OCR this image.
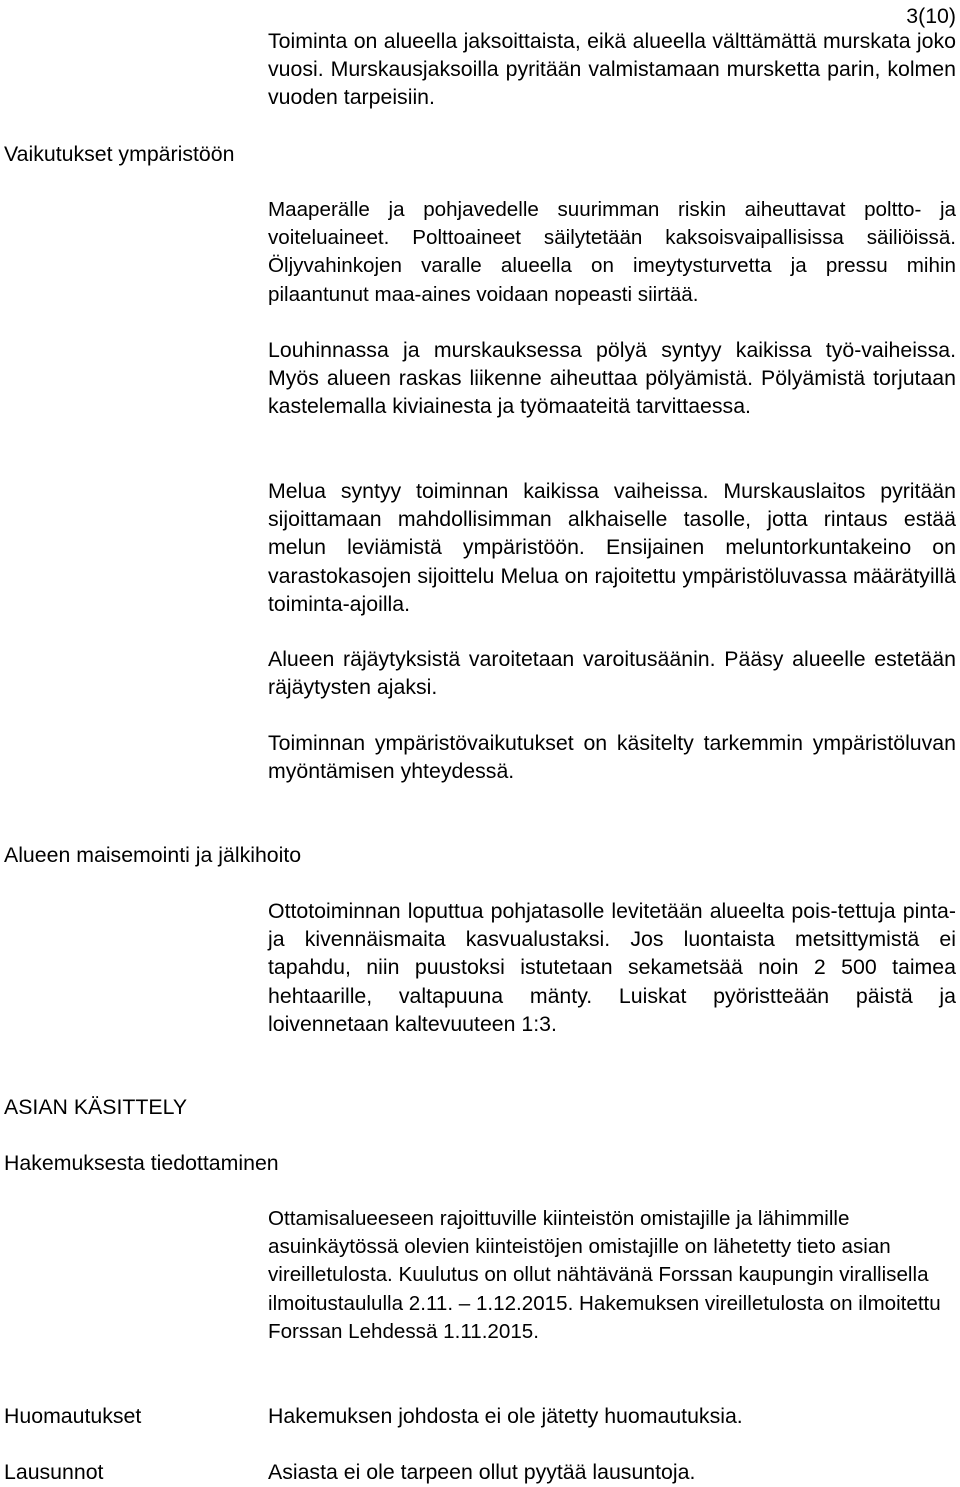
3(10)
Toiminta on alueella jaksoittaista, eikä alueella välttämättä murskata joko vuosi. Murskausjaksoilla pyritään valmistamaan mursketta parin, kolmen vuoden tarpeisiin.
Vaikutukset ympäristöön
Maaperälle ja pohjavedelle suurimman riskin aiheuttavat poltto- ja voiteluaineet. Polttoaineet säilytetään kaksoisvaipallisissa säiliöissä. Öljyvahinkojen varalle alueella on imeytysturvetta ja pressu mihin pilaantunut maa-aines voidaan nopeasti siirtää.
Louhinnassa ja murskauksessa pölyä syntyy kaikissa työ-vaiheissa. Myös alueen raskas liikenne aiheuttaa pölyämistä. Pölyämistä torjutaan kastelemalla kiviainesta ja työmaateitä tarvittaessa.
Melua syntyy toiminnan kaikissa vaiheissa. Murskauslaitos pyritään sijoittamaan mahdollisimman alkhaiselle tasolle, jotta rintaus estää melun leviämistä ympäristöön. Ensijainen meluntorkuntakeino on varastokasojen sijoittelu Melua on rajoitettu ympäristöluvassa määrätyillä toiminta-ajoilla.
Alueen räjäytyksistä varoitetaan varoitusäänin. Pääsy alueelle estetään räjäytysten ajaksi.
Toiminnan ympäristövaikutukset on käsitelty tarkemmin ympäristöluvan myöntämisen yhteydessä.
Alueen maisemointi ja jälkihoito
Ottotoiminnan loputtua pohjatasolle levitetään alueelta pois-tettuja pinta- ja kivennäismaita kasvualustaksi. Jos luontaista metsittymistä ei tapahdu, niin puustoksi istutetaan sekametsää noin 2 500 taimea hehtaarille, valtapuuna mänty. Luiskat pyöristteään päistä ja loivennetaan kaltevuuteen 1:3.
ASIAN KÄSITTELY
Hakemuksesta tiedottaminen
Ottamisalueeseen rajoittuville kiinteistön omistajille ja lähimmille asuinkäytössä olevien kiinteistöjen omistajille on lähetetty tieto asian vireilletulosta. Kuulutus on ollut nähtävänä Forssan kaupungin virallisella ilmoitustaululla 2.11. – 1.12.2015. Hakemuksen vireilletulosta on ilmoitettu Forssan Lehdessä 1.11.2015.
Huomautukset	Hakemuksen johdosta ei ole jätetty huomautuksia.
Lausunnot	Asiasta ei ole tarpeen ollut pyytää lausuntoja.
